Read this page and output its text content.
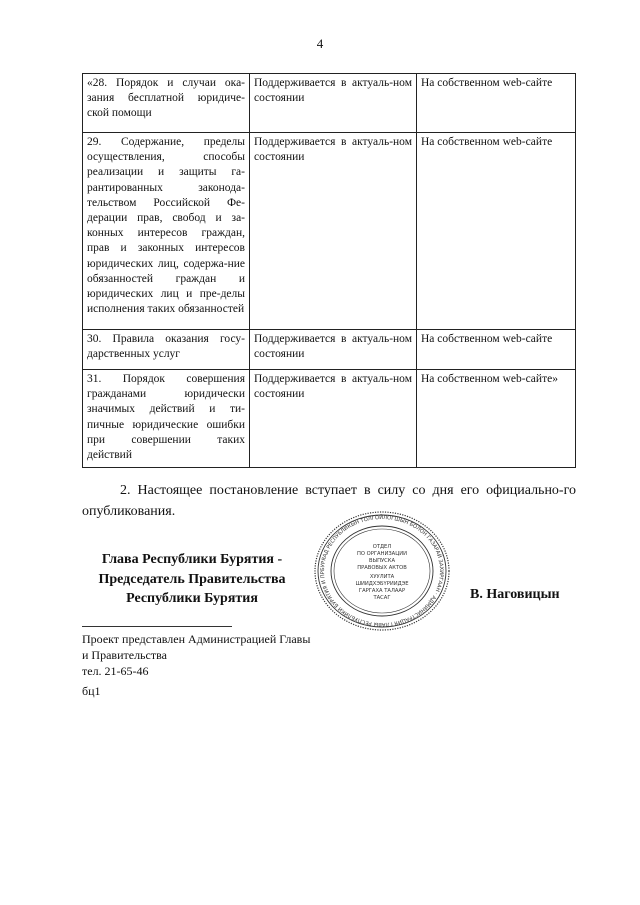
4
«28. Порядок и случаи ока-зания бесплатной юридиче-ской помощи	Поддерживается в актуаль-ном состоянии	На собственном web-сайте
29. Содержание, пределы осуществления, способы реализации и защиты га-рантированных законода-тельством Российской Фе-дерации прав, свобод и за-конных интересов граждан, прав и законных интересов юридических лиц, содержа-ние обязанностей граждан и юридических лиц и пре-делы исполнения таких обязанностей	Поддерживается в актуаль-ном состоянии	На собственном web-сайте
30. Правила оказания госу-дарственных услуг	Поддерживается в актуаль-ном состоянии	На собственном web-сайте
31. Порядок совершения гражданами юридически значимых действий и ти-пичные юридические ошибки при совершении таких действий	Поддерживается в актуаль-ном состоянии	На собственном web-сайте»
2. Настоящее постановление вступает в силу со дня его официально-го опубликования.
Глава Республики Бурятия -
Председатель Правительства
Республики Бурятия
БУРЯАД РЕСПУБЛИКЫН ТОЛГОЙЛОГШЫН БОЛОН ГАЗАРАЙ ЗАХИРГААН · АДМИНИСТРАЦИЯ ГЛАВЫ РЕСПУБЛИКИ БУРЯТИЯ И ПР
ОТДЕЛ
ПО ОРГАНИЗАЦИИ
ВЫПУСКА
ПРАВОВЫХ АКТОВ
ХУУЛИТА
ШИИДХЭБҮРИИДЭЕ
ГАРГАХА ТАЛААР
ТАСАГ	В. Наговицын
Проект представлен Администрацией Главы
и Правительства
тел. 21-65-46
бц1
